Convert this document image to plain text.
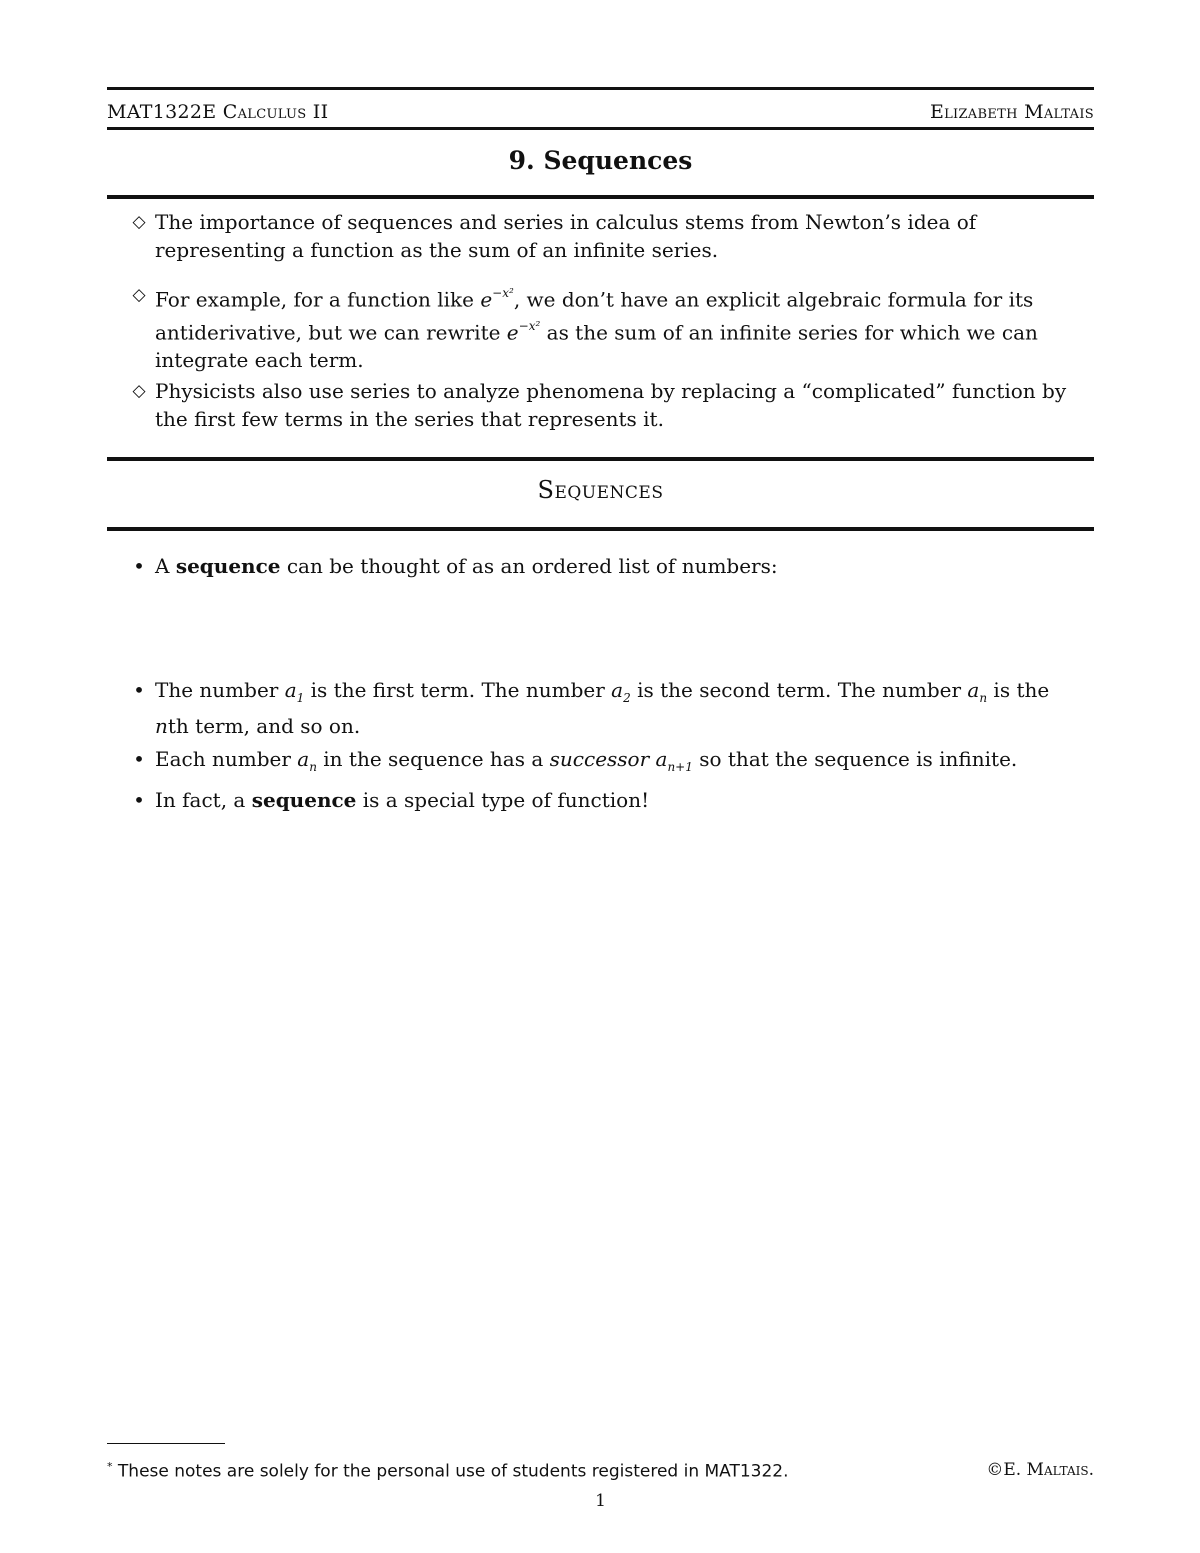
MAT1322E Calculus II	Elizabeth Maltais
9. Sequences
◇ The importance of sequences and series in calculus stems from Newton’s idea of representing a function as the sum of an infinite series.
◇ For example, for a function like $e^{-x^2}$, we don’t have an explicit algebraic formula for its antiderivative, but we can rewrite $e^{-x^2}$ as the sum of an infinite series for which we can integrate each term.
◇ Physicists also use series to analyze phenomena by replacing a “complicated” function by the first few terms in the series that represents it.
Sequences
• A sequence can be thought of as an ordered list of numbers:
• The number $a_1$ is the first term. The number $a_2$ is the second term. The number $a_n$ is the
nth term, and so on.
• Each number $a_n$ in the sequence has a successor $a_{n+1}$ so that the sequence is infinite.
• In fact, a sequence is a special type of function!
* These notes are solely for the personal use of students registered in MAT1322.	©E. Maltais.
1
